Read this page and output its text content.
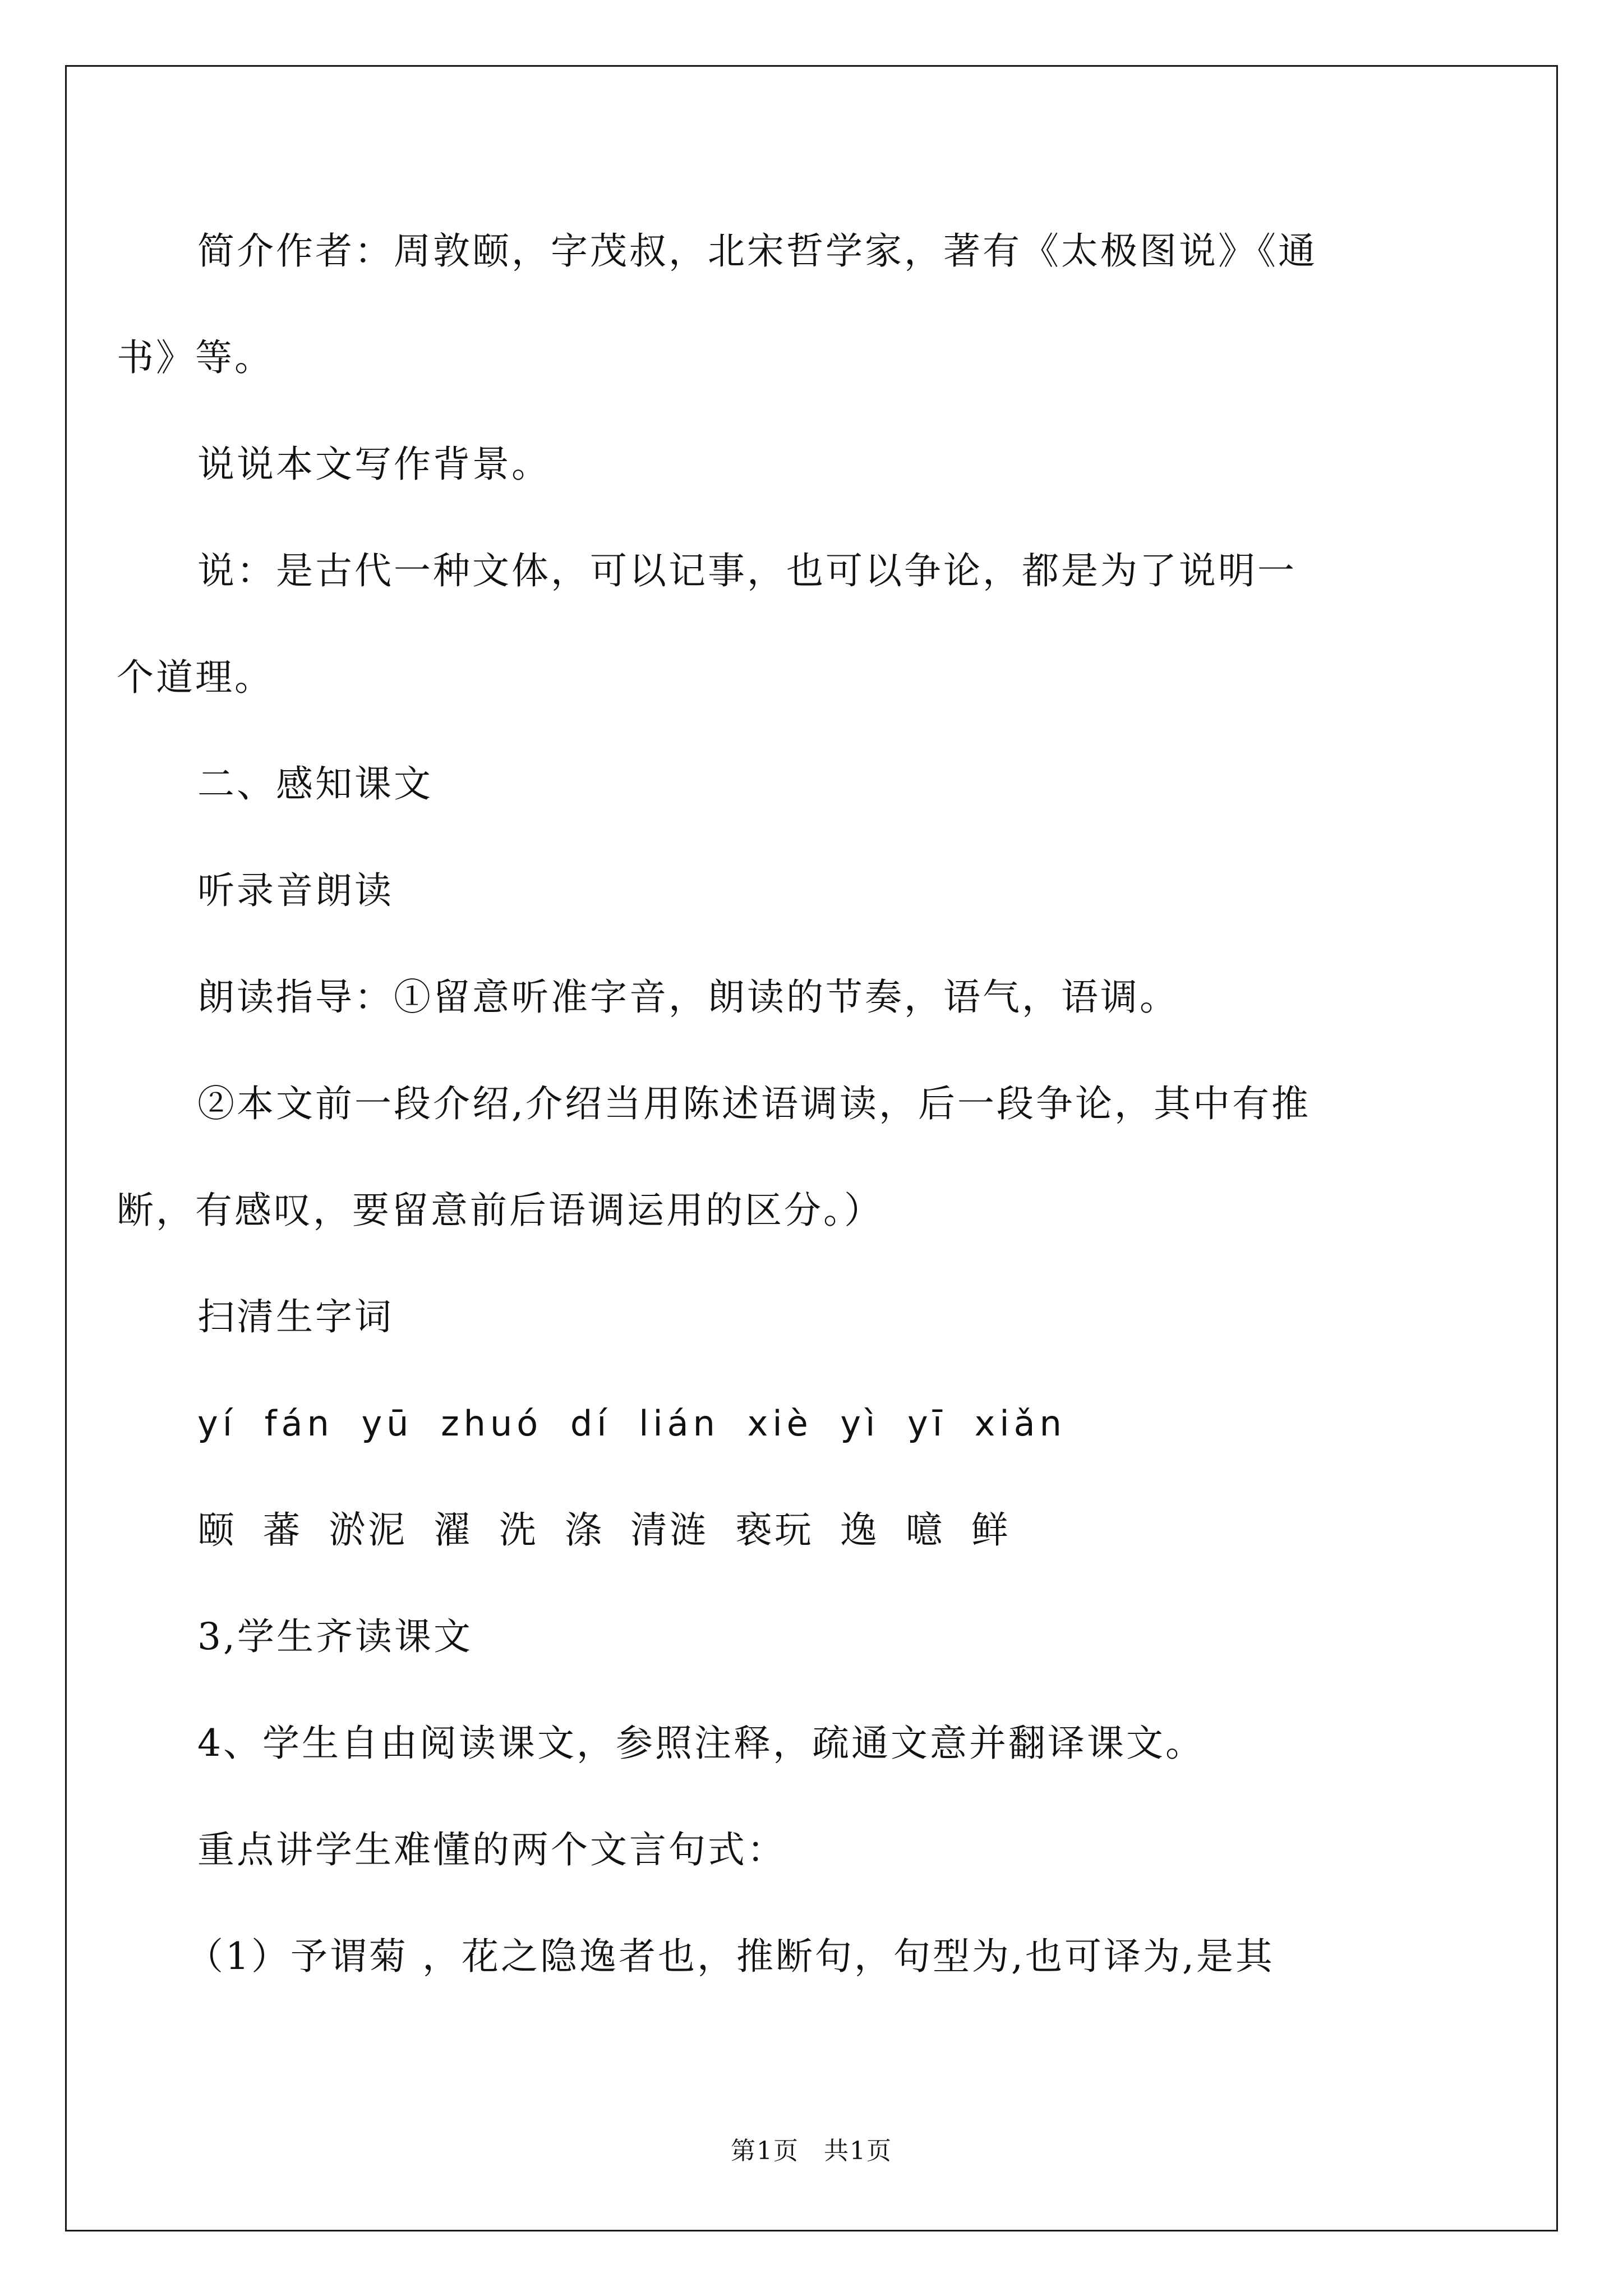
简介作者：周敦颐，字茂叔，北宋哲学家，著有《太极图说》《通
书》等。

说说本文写作背景。

说：是古代一种文体，可以记事，也可以争论，都是为了说明一
个道理。

二、感知课文

听录音朗读

朗读指导：①留意听准字音，朗读的节奏，语气，语调。

②本文前一段介绍,介绍当用陈述语调读，后一段争论，其中有推
断，有感叹，要留意前后语调运用的区分。）

扫清生字词

yí fán yū zhuó dí lián xiè yì yī xiǎn

颐 蕃 淤泥 濯 洗 涤 清涟 亵玩 逸 噫 鲜

3,学生齐读课文

4、学生自由阅读课文，参照注释，疏通文意并翻译课文。

重点讲学生难懂的两个文言句式：

（1）予谓菊 ，花之隐逸者也，推断句，句型为,也可译为,是其

第1页 共1页
